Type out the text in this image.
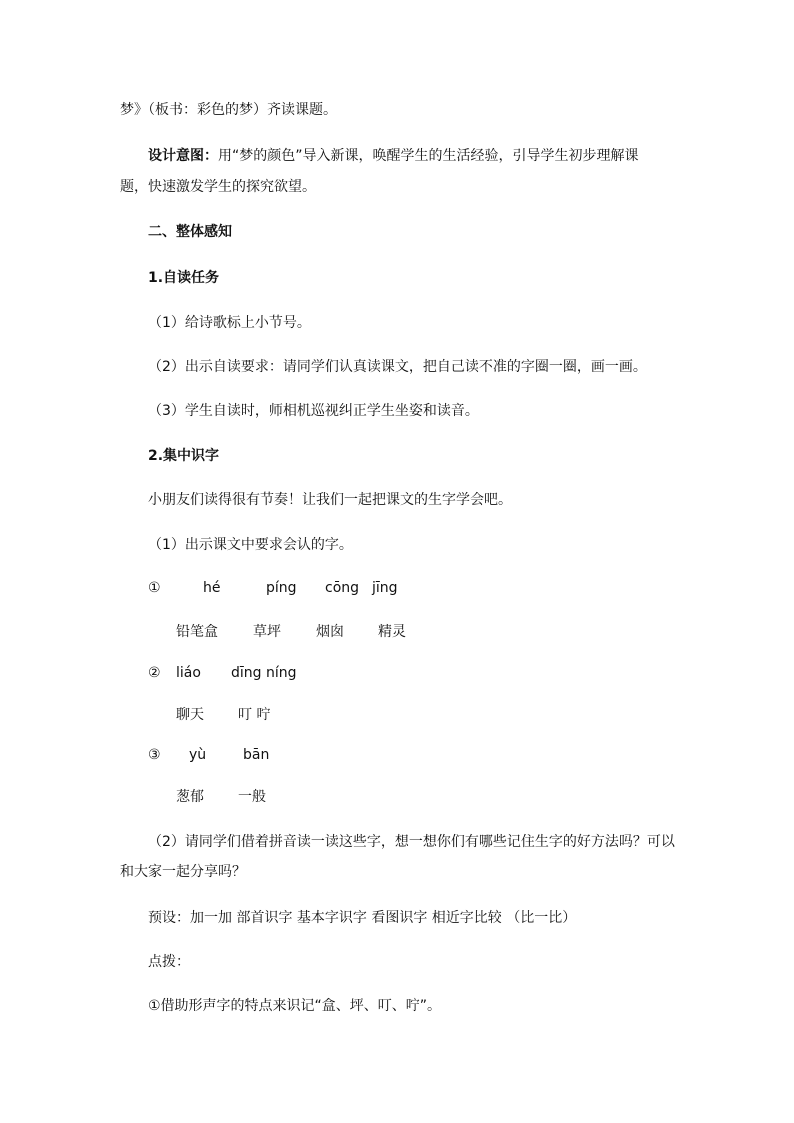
梦》（板书：彩色的梦）齐读课题。
设计意图：用“梦的颜色”导入新课，唤醒学生的生活经验，引导学生初步理解课
题，快速激发学生的探究欲望。
二、整体感知
1.自读任务
（1）给诗歌标上小节号。
（2）出示自读要求：请同学们认真读课文，把自己读不准的字圈一圈，画一画。
（3）学生自读时，师相机巡视纠正学生坐姿和读音。
2.集中识字
小朋友们读得很有节奏！让我们一起把课文的生字学会吧。
（1）出示课文中要求会认的字。
①	hé	píng cōng jīng
铅笔盒	草坪	烟囱 精灵
② liáo dīng níng
聊天 叮 咛
③ yù	bān
葱郁 一般
（2）请同学们借着拼音读一读这些字，想一想你们有哪些记住生字的好方法吗？可以
和大家一起分享吗？
预设：加一加 部首识字 基本字识字 看图识字 相近字比较 （比一比）
点拨：
①借助形声字的特点来识记“盒、坪、叮、咛”。
